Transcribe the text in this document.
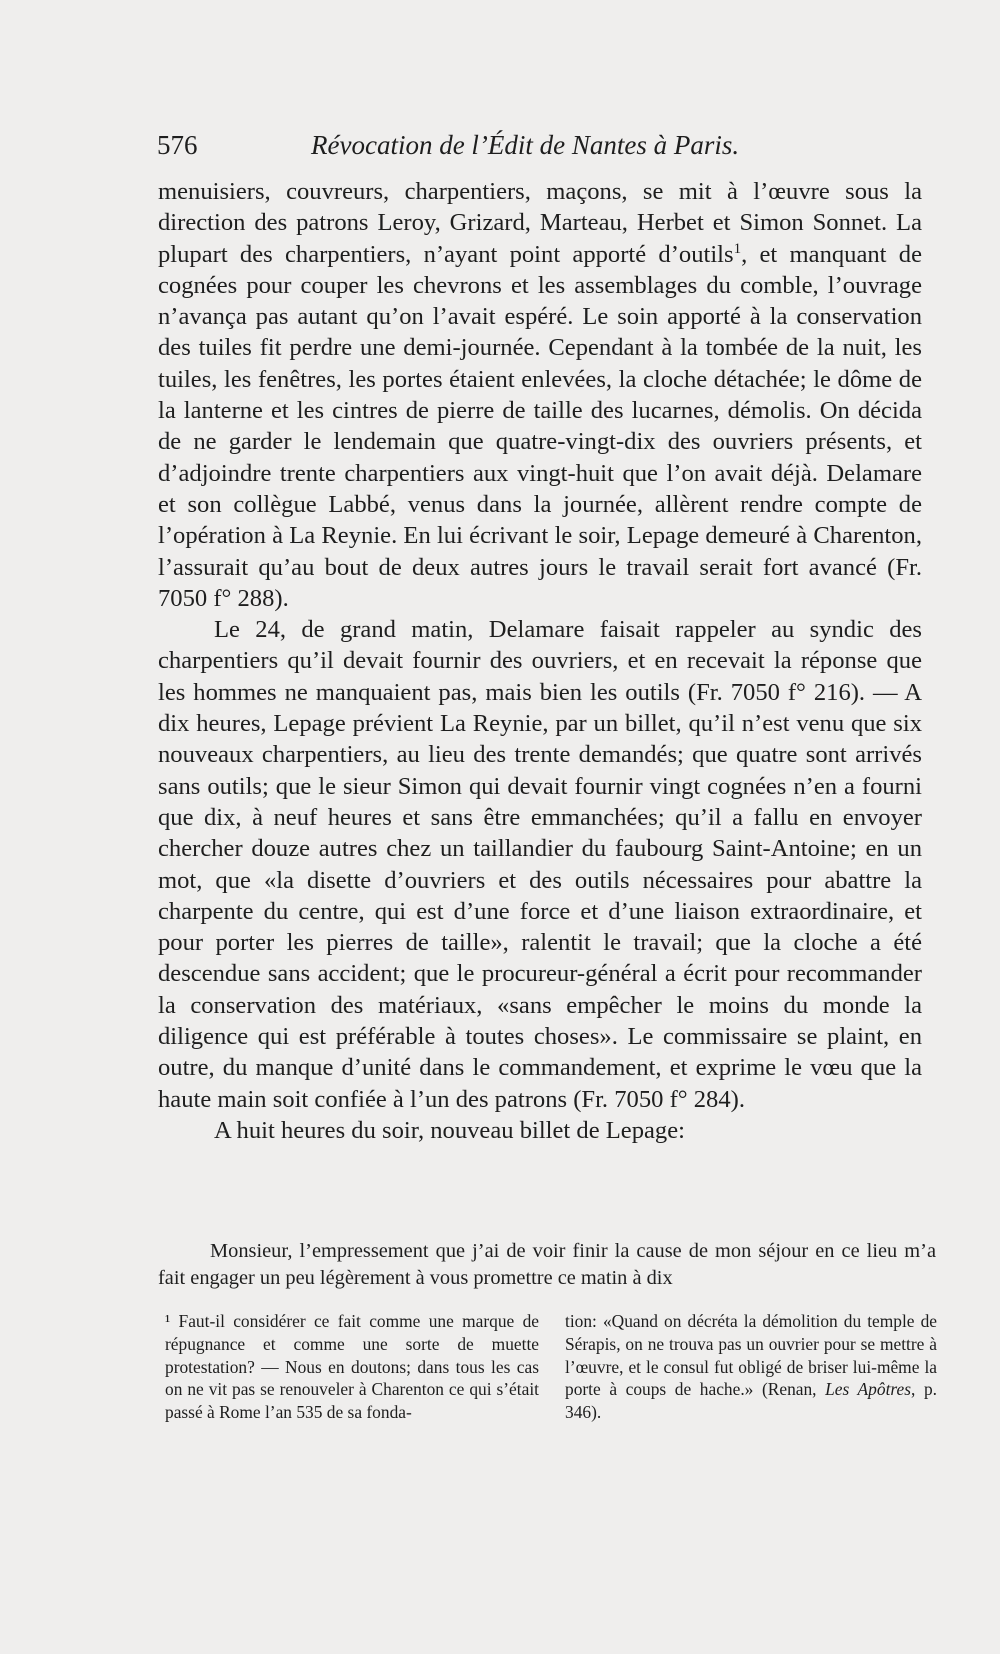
576	Révocation de l’Édit de Nantes à Paris.

menuisiers, couvreurs, charpentiers, maçons, se mit à l’œuvre sous la direction des patrons Leroy, Grizard, Marteau, Herbet et Simon Sonnet. La plupart des charpentiers, n’ayant point apporté d’outils$^1$, et manquant de cognées pour couper les chevrons et les assemblages du comble, l’ouvrage n’avança pas autant qu’on l’avait espéré. Le soin apporté à la conservation des tuiles fit perdre une demi-journée. Cependant à la tombée de la nuit, les tuiles, les fenêtres, les portes étaient enlevées, la cloche détachée; le dôme de la lanterne et les cintres de pierre de taille des lucarnes, démolis. On décida de ne garder le lendemain que quatre-vingt-dix des ouvriers présents, et d’adjoindre trente charpentiers aux vingt-huit que l’on avait déjà. Delamare et son collègue Labbé, venus dans la journée, allèrent rendre compte de l’opération à La Reynie. En lui écrivant le soir, Lepage demeuré à Charenton, l’assurait qu’au bout de deux autres jours le travail serait fort avancé (Fr. 7050 f° 288).

Le 24, de grand matin, Delamare faisait rappeler au syndic des charpentiers qu’il devait fournir des ouvriers, et en recevait la réponse que les hommes ne manquaient pas, mais bien les outils (Fr. 7050 f° 216). — A dix heures, Lepage prévient La Reynie, par un billet, qu’il n’est venu que six nouveaux charpentiers, au lieu des trente demandés; que quatre sont arrivés sans outils; que le sieur Simon qui devait fournir vingt cognées n’en a fourni que dix, à neuf heures et sans être emmanchées; qu’il a fallu en envoyer chercher douze autres chez un taillandier du faubourg Saint-Antoine; en un mot, que «la disette d’ouvriers et des outils nécessaires pour abattre la charpente du centre, qui est d’une force et d’une liaison extraordinaire, et pour porter les pierres de taille», ralentit le travail; que la cloche a été descendue sans accident; que le procureur-général a écrit pour recommander la conservation des matériaux, «sans empêcher le moins du monde la diligence qui est préférable à toutes choses». Le commissaire se plaint, en outre, du manque d’unité dans le commandement, et exprime le vœu que la haute main soit confiée à l’un des patrons (Fr. 7050 f° 284).

A huit heures du soir, nouveau billet de Lepage:

Monsieur, l’empressement que j’ai de voir finir la cause de mon séjour en ce lieu m’a fait engager un peu légèrement à vous promettre ce matin à dix

¹ Faut-il considérer ce fait comme une marque de répugnance et comme une sorte de muette protestation? — Nous en doutons; dans tous les cas on ne vit pas se renouveler à Charenton ce qui s’était passé à Rome l’an 535 de sa fonda-
tion: «Quand on décréta la démolition du temple de Sérapis, on ne trouva pas un ouvrier pour se mettre à l’œuvre, et le consul fut obligé de briser lui-même la porte à coups de hache.» (Renan, Les Apôtres, p. 346).
